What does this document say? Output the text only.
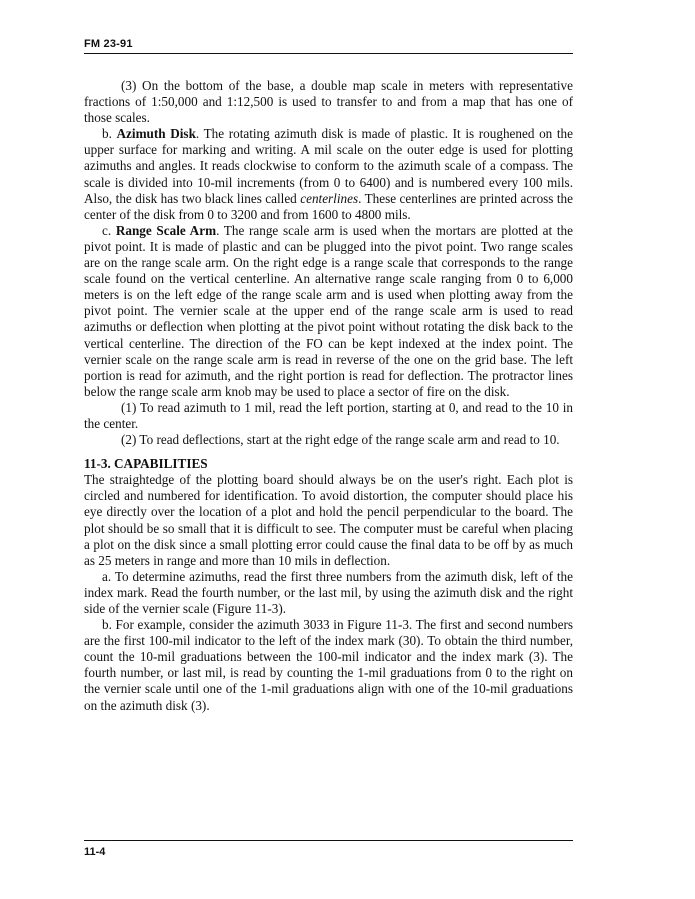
FM 23-91

(3) On the bottom of the base, a double map scale in meters with representative fractions of 1:50,000 and 1:12,500 is used to transfer to and from a map that has one of those scales.

b. Azimuth Disk. The rotating azimuth disk is made of plastic. It is roughened on the upper surface for marking and writing. A mil scale on the outer edge is used for plotting azimuths and angles. It reads clockwise to conform to the azimuth scale of a compass. The scale is divided into 10-mil increments (from 0 to 6400) and is numbered every 100 mils. Also, the disk has two black lines called centerlines. These centerlines are printed across the center of the disk from 0 to 3200 and from 1600 to 4800 mils.

c. Range Scale Arm. The range scale arm is used when the mortars are plotted at the pivot point. It is made of plastic and can be plugged into the pivot point. Two range scales are on the range scale arm. On the right edge is a range scale that corresponds to the range scale found on the vertical centerline. An alternative range scale ranging from 0 to 6,000 meters is on the left edge of the range scale arm and is used when plotting away from the pivot point. The vernier scale at the upper end of the range scale arm is used to read azimuths or deflection when plotting at the pivot point without rotating the disk back to the vertical centerline. The direction of the FO can be kept indexed at the index point. The vernier scale on the range scale arm is read in reverse of the one on the grid base. The left portion is read for azimuth, and the right portion is read for deflection. The protractor lines below the range scale arm knob may be used to place a sector of fire on the disk.

(1) To read azimuth to 1 mil, read the left portion, starting at 0, and read to the 10 in the center.

(2) To read deflections, start at the right edge of the range scale arm and read to 10.

11-3. CAPABILITIES

The straightedge of the plotting board should always be on the user's right. Each plot is circled and numbered for identification. To avoid distortion, the computer should place his eye directly over the location of a plot and hold the pencil perpendicular to the board. The plot should be so small that it is difficult to see. The computer must be careful when placing a plot on the disk since a small plotting error could cause the final data to be off by as much as 25 meters in range and more than 10 mils in deflection.

a. To determine azimuths, read the first three numbers from the azimuth disk, left of the index mark. Read the fourth number, or the last mil, by using the azimuth disk and the right side of the vernier scale (Figure 11-3).

b. For example, consider the azimuth 3033 in Figure 11-3. The first and second numbers are the first 100-mil indicator to the left of the index mark (30). To obtain the third number, count the 10-mil graduations between the 100-mil indicator and the index mark (3). The fourth number, or last mil, is read by counting the 1-mil graduations from 0 to the right on the vernier scale until one of the 1-mil graduations align with one of the 10-mil graduations on the azimuth disk (3).

11-4
